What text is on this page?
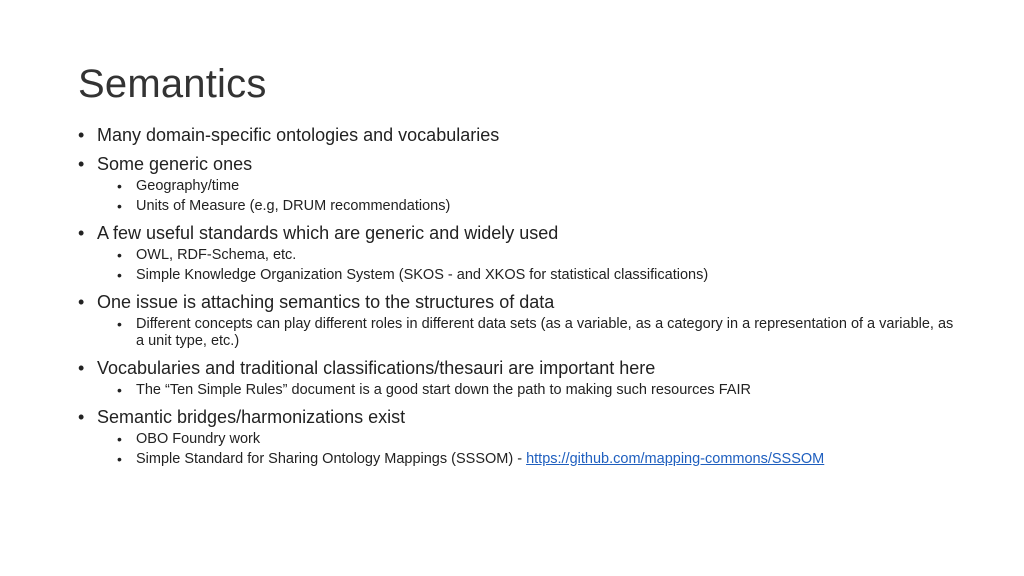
Semantics
• Many domain-specific ontologies and vocabularies
• Some generic ones
• Geography/time
• Units of Measure (e.g, DRUM recommendations)
• A few useful standards which are generic and widely used
• OWL, RDF-Schema, etc.
• Simple Knowledge Organization System (SKOS - and XKOS for statistical classifications)
• One issue is attaching semantics to the structures of data
• Different concepts can play different roles in different data sets (as a variable, as a category in a representation of a variable, as a unit type, etc.)
• Vocabularies and traditional classifications/thesauri are important here
• The “Ten Simple Rules” document is a good start down the path to making such resources FAIR
• Semantic bridges/harmonizations exist
• OBO Foundry work
• Simple Standard for Sharing Ontology Mappings (SSSOM) - https://github.com/mapping-commons/SSSOM
